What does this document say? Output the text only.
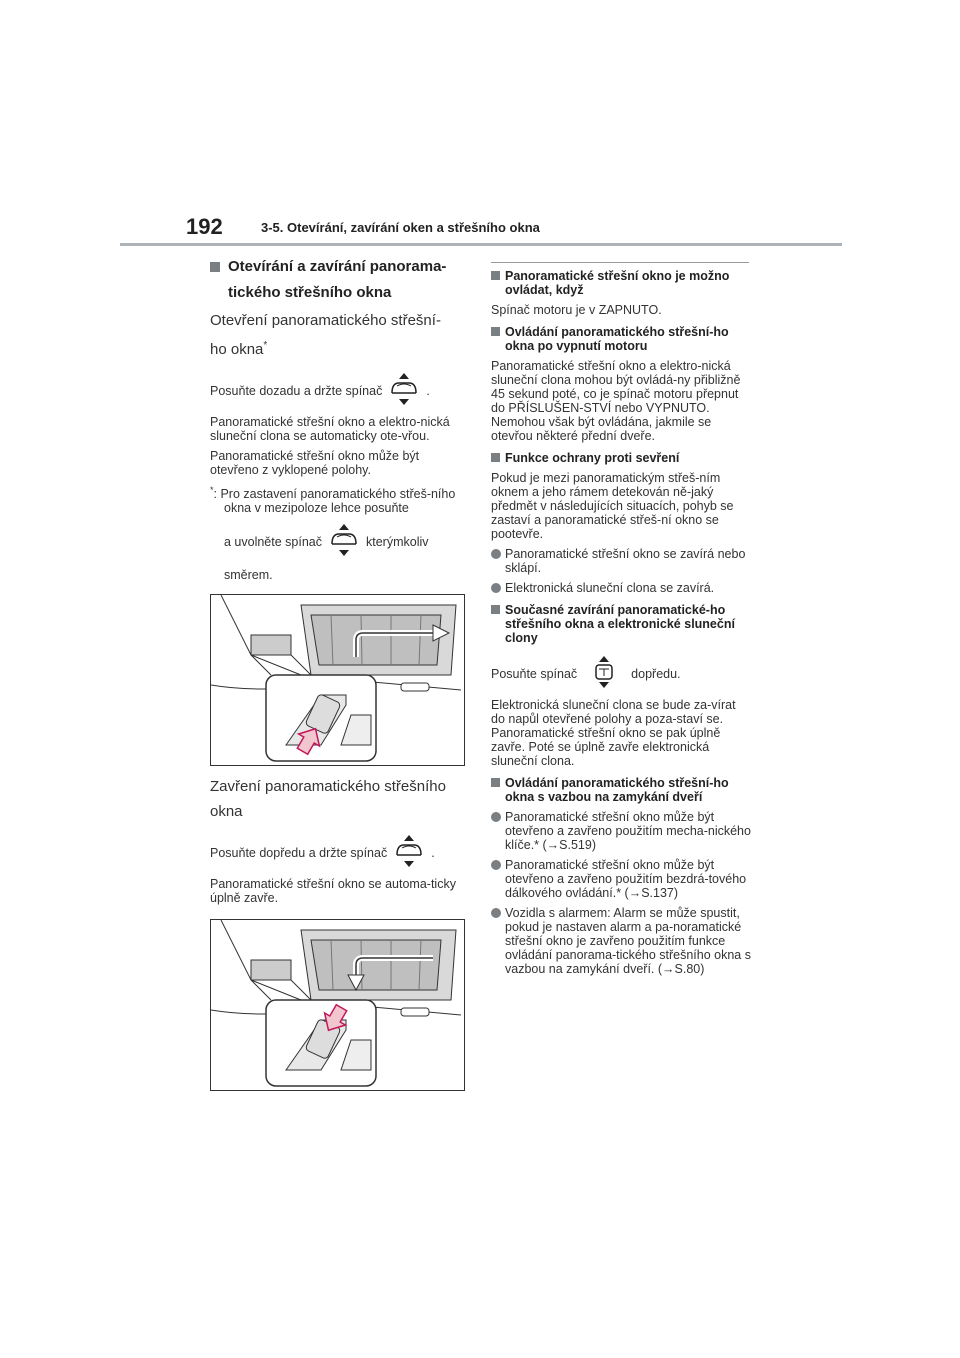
192	3-5. Otevírání, zavírání oken a střešního okna
Otevírání a zavírání panorama-
tického střešního okna
Otevření panoramatického střešní-
ho okna*
Posuňte dozadu a držte spínač	.
Panoramatické střešní okno a elektro-nická sluneční clona se automaticky ote-vřou.
Panoramatické střešní okno může být otevřeno z vyklopené polohy.
*: Pro zastavení panoramatického střeš-ního okna v mezipoloze lehce posuňte
a uvolněte spínač	kterýmkoliv
směrem.
Zavření panoramatického střešního
okna
Posuňte dopředu a držte spínač	.
Panoramatické střešní okno se automa-ticky úplně zavře.
Panoramatické střešní okno je možno ovládat, když
Spínač motoru je v ZAPNUTO.
Ovládání panoramatického střešní-ho okna po vypnutí motoru
Panoramatické střešní okno a elektro-nická sluneční clona mohou být ovládá-ny přibližně 45 sekund poté, co je spínač motoru přepnut do PŘÍSLUŠEN-STVÍ nebo VYPNUTO. Nemohou však být ovládána, jakmile se otevřou některé přední dveře.
Funkce ochrany proti sevření
Pokud je mezi panoramatickým střeš-ním oknem a jeho rámem detekován ně-jaký předmět v následujících situacích, pohyb se zastaví a panoramatické střeš-ní okno se pootevře.
Panoramatické střešní okno se zavírá nebo sklápí.
Elektronická sluneční clona se zavírá.
Současné zavírání panoramatické-ho střešního okna a elektronické sluneční clony
Posuňte spínač	dopředu.
Elektronická sluneční clona se bude za-vírat do napůl otevřené polohy a poza-staví se. Panoramatické střešní okno se pak úplně zavře. Poté se úplně zavře elektronická sluneční clona.
Ovládání panoramatického střešní-ho okna s vazbou na zamykání dveří
Panoramatické střešní okno může být otevřeno a zavřeno použitím mecha-nického klíče.* (→S.519)
Panoramatické střešní okno může být otevřeno a zavřeno použitím bezdrá-tového dálkového ovládání.* (→S.137)
Vozidla s alarmem: Alarm se může spustit, pokud je nastaven alarm a pa-noramatické střešní okno je zavřeno použitím funkce ovládání panorama-tického střešního okna s vazbou na zamykání dveří. (→S.80)
